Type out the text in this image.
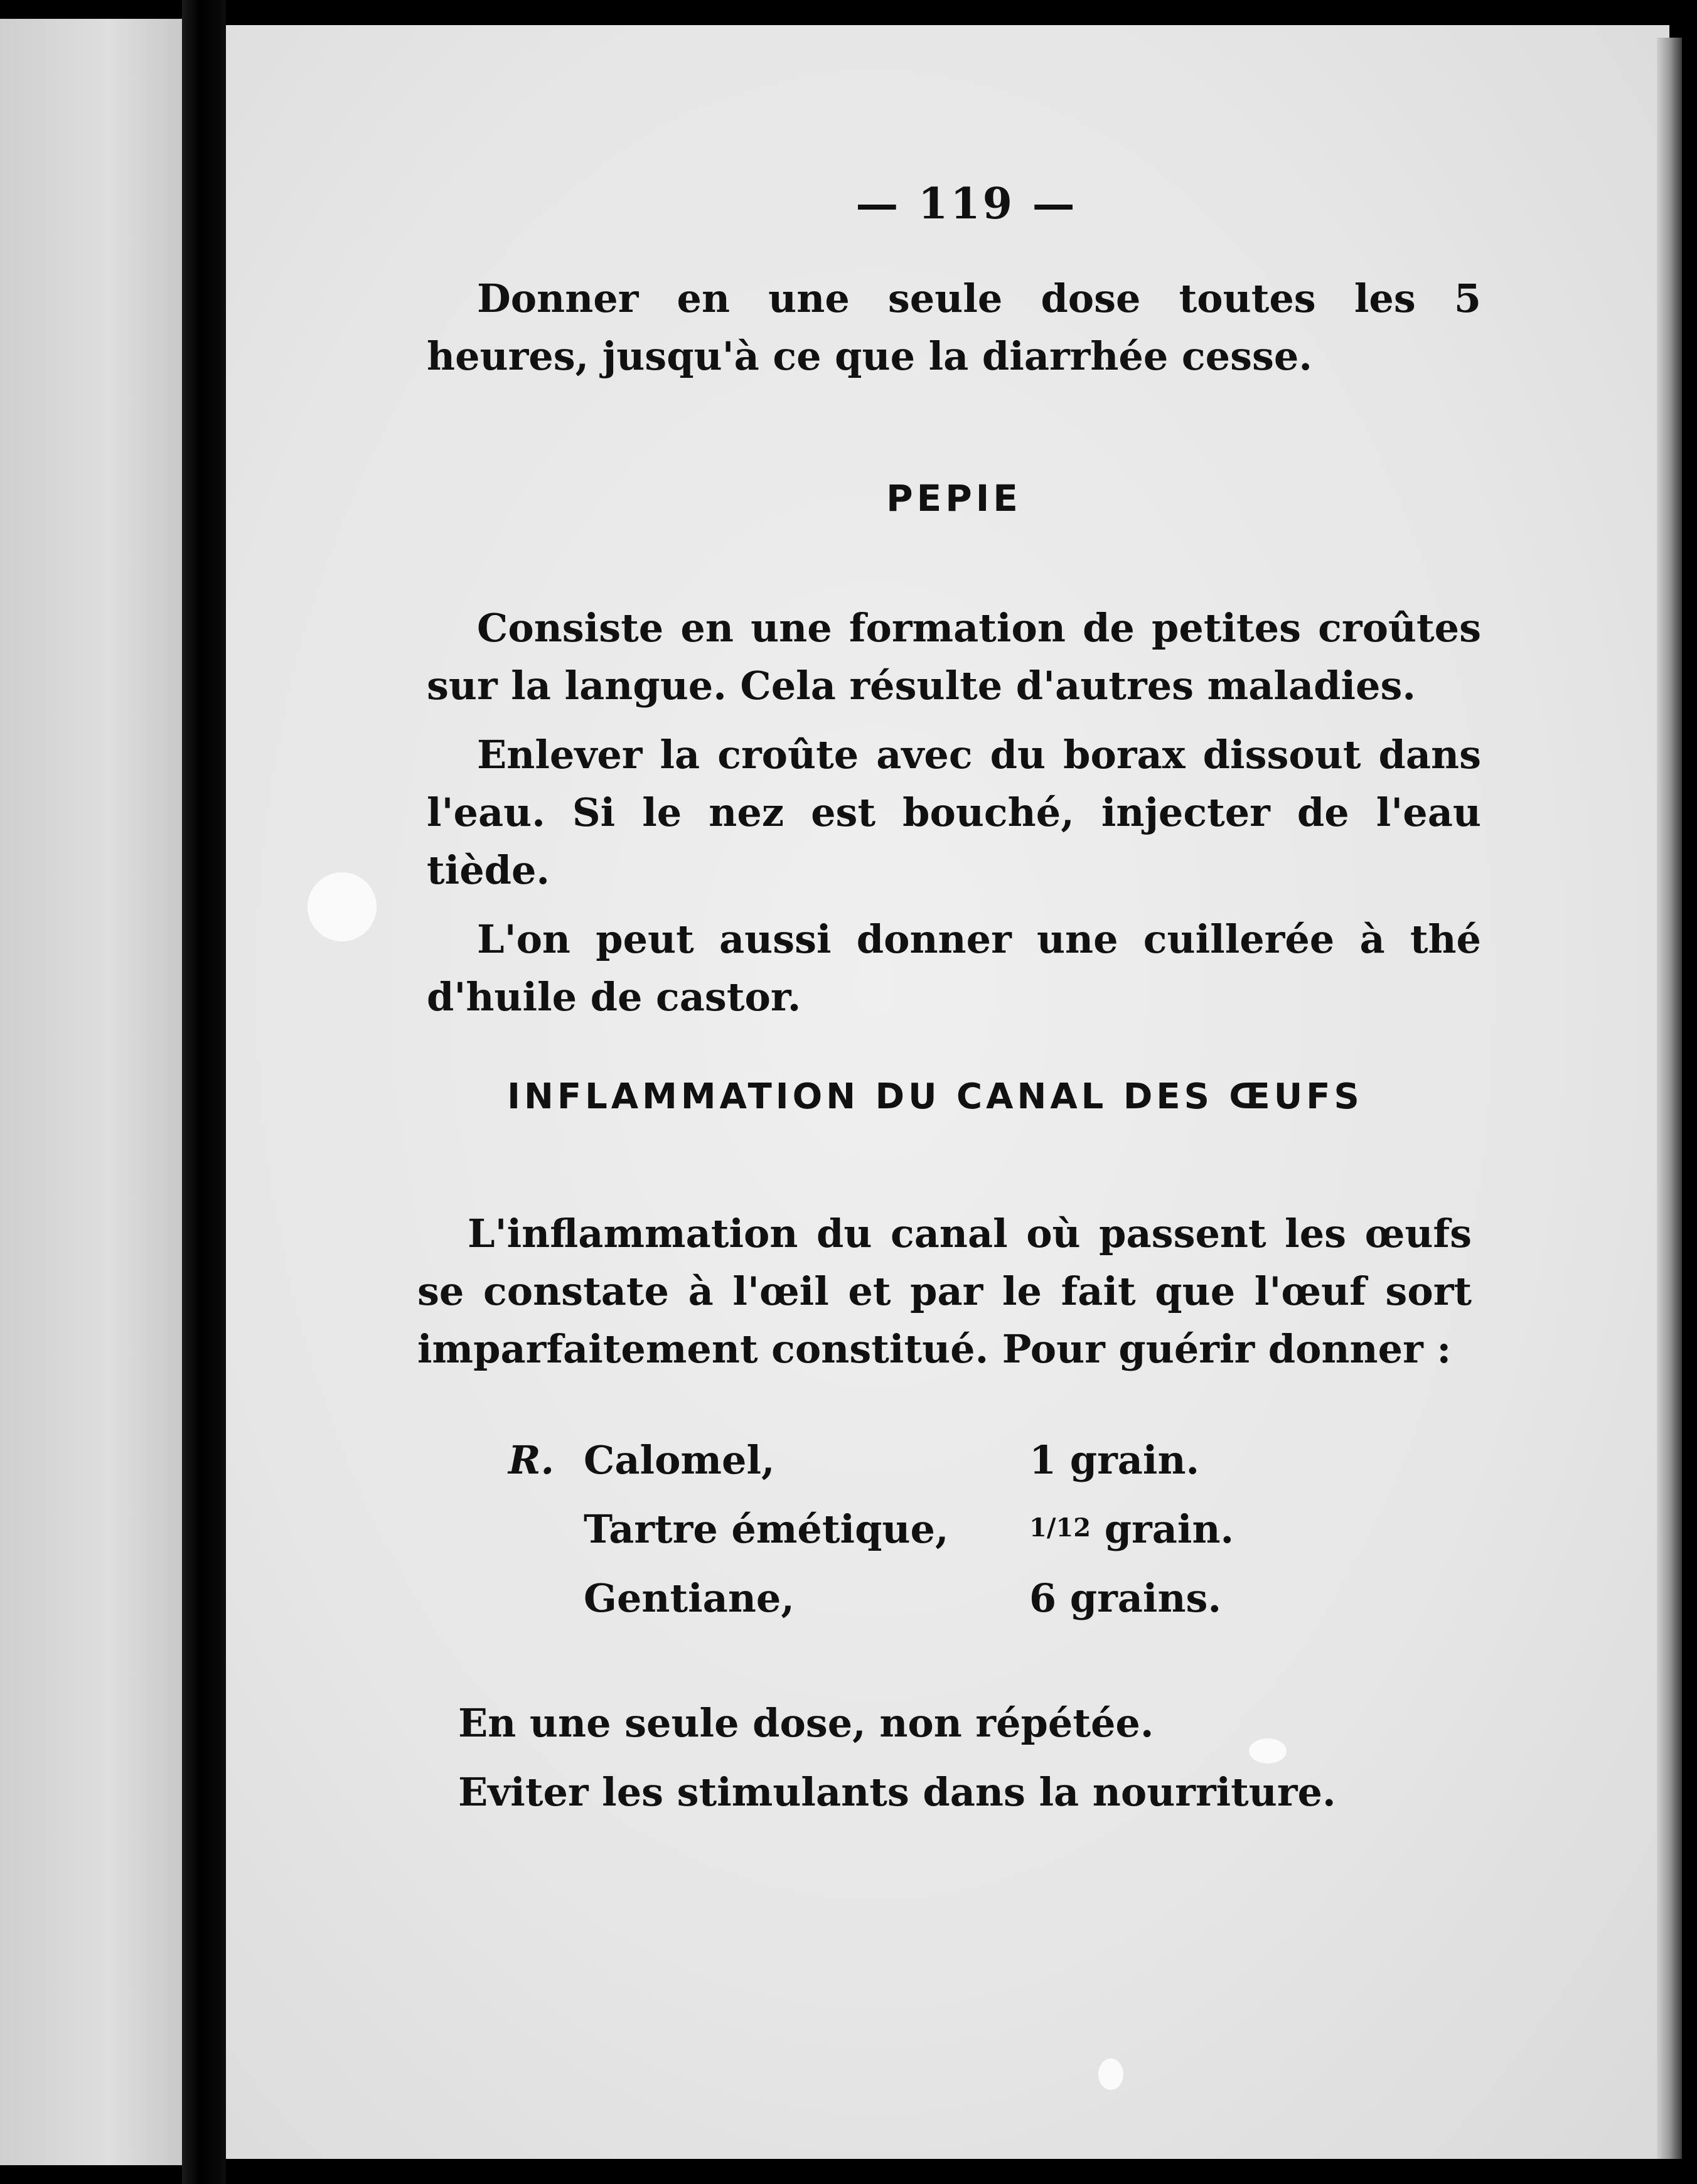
— 119 —

Donner en une seule dose toutes les 5 heures, jusqu'à ce que la diarrhée cesse.

PEPIE

Consiste en une formation de petites croûtes sur la langue. Cela résulte d'autres maladies.

Enlever la croûte avec du borax dissout dans l'eau. Si le nez est bouché, injecter de l'eau tiède.

L'on peut aussi donner une cuillerée à thé d'huile de castor.

INFLAMMATION DU CANAL DES ŒUFS

L'inflammation du canal où passent les œufs se constate à l'œil et par le fait que l'œuf sort imparfaitement constitué. Pour guérir donner :

R. Calomel,	1 grain.
Tartre émétique,	1/12 grain.
Gentiane,	6 grains.

En une seule dose, non répétée.

Eviter les stimulants dans la nourriture.
